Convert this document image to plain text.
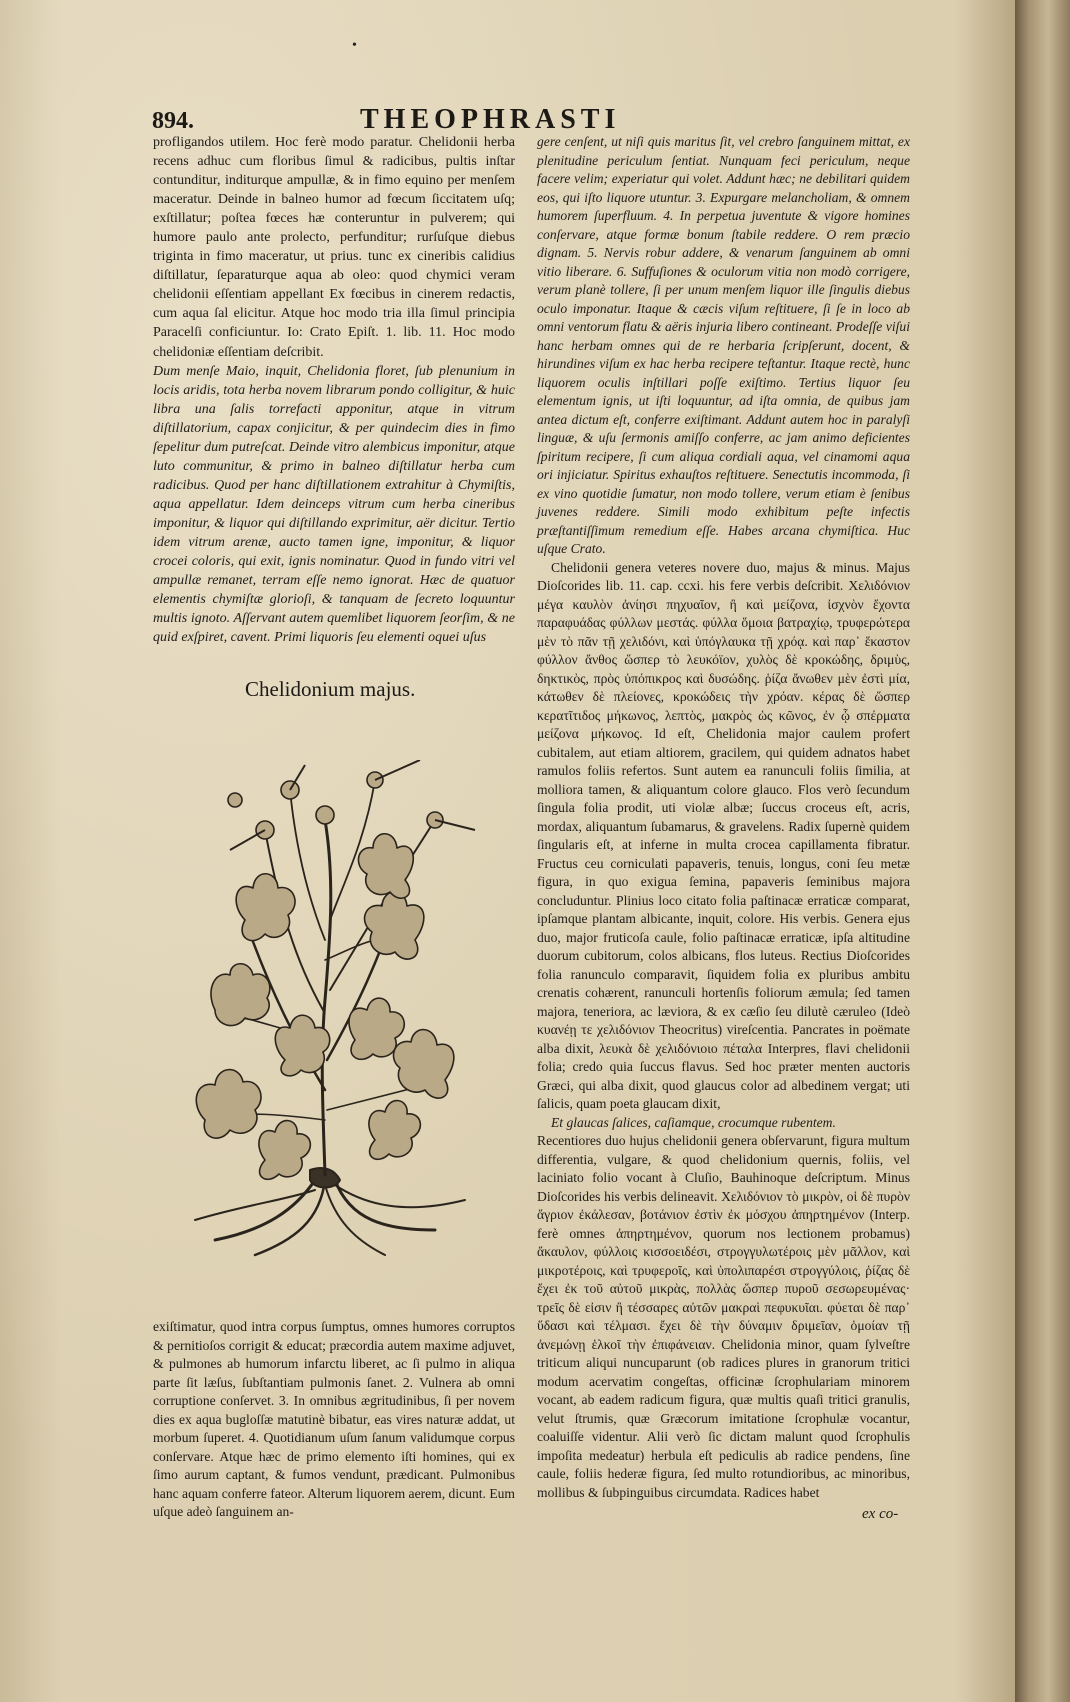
•
894.	THEOPHRASTI

profligandos utilem. Hoc ferè modo paratur. Chelidonii herba recens adhuc cum floribus ſimul & radicibus, pultis inſtar contunditur, inditurque ampullæ, & in fimo equino per menſem maceratur. Deinde in balneo humor ad fœcum ſiccitatem uſq; exſtillatur; poſtea fœces hæ conteruntur in pulverem; qui humore paulo ante prolecto, perfunditur; rurſuſque diebus triginta in fimo maceratur, ut prius. tunc ex cineribis calidius diſtillatur, ſeparaturque aqua ab oleo: quod chymici veram chelidonii eſſentiam appellant Ex fœcibus in cinerem redactis, cum aqua ſal elicitur. Atque hoc modo tria illa ſimul principia Paracelſi conficiuntur. Io: Crato Epiſt. 1. lib. 11. Hoc modo chelidoniæ eſſentiam deſcribit.

Dum menſe Maio, inquit, Chelidonia floret, ſub plenunium in locis aridis, tota herba novem librarum pondo colligitur, & huic libra una ſalis torrefacti apponitur, atque in vitrum diſtillatorium, capax conjicitur, & per quindecim dies in fimo ſepelitur dum putreſcat. Deinde vitro alembicus imponitur, atque luto communitur, & primo in balneo diſtillatur herba cum radicibus. Quod per hanc diſtillationem extrahitur à Chymiſtis, aqua appellatur. Idem deinceps vitrum cum herba cineribus imponitur, & liquor qui diſtillando exprimitur, aër dicitur. Tertio idem vitrum arenæ, aucto tamen igne, imponitur, & liquor crocei coloris, qui exit, ignis nominatur. Quod in fundo vitri vel ampullæ remanet, terram eſſe nemo ignorat. Hæc de quatuor elementis chymiſtæ glorioſi, & tanquam de ſecreto loquuntur multis ignoto. Aſſervant autem quemlibet liquorem ſeorſim, & ne quid exſpiret, cavent. Primi liquoris ſeu elementi oquei uſus

Chelidonium majus.

exiſtimatur, quod intra corpus ſumptus, omnes humores corruptos & pernitioſos corrigit & educat; præcordia autem maxime adjuvet, & pulmones ab humorum infarctu liberet, ac ſi pulmo in aliqua parte ſit læſus, ſubſtantiam pulmonis ſanet. 2. Vulnera ab omni corruptione conſervet. 3. In omnibus ægritudinibus, ſi per novem dies ex aqua bugloſſæ matutinè bibatur, eas vires naturæ addat, ut morbum ſuperet. 4. Quotidianum uſum ſanum validumque corpus conſervare. Atque hæc de primo elemento iſti homines, qui ex ſimo aurum captant, & fumos vendunt, prædicant. Pulmonibus hanc aquam conferre fateor. Alterum liquorem aerem, dicunt. Eum uſque adeò ſanguinem an-

gere cenſent, ut niſi quis maritus ſit, vel crebro ſanguinem mittat, ex plenitudine periculum ſentiat. Nunquam feci periculum, neque facere velim; experiatur qui volet. Addunt hæc; ne debilitari quidem eos, qui iſto liquore utuntur. 3. Expurgare melancholiam, & omnem humorem ſuperfluum. 4. In perpetua juventute & vigore homines conſervare, atque formæ bonum ſtabile reddere. O rem præcio dignam. 5. Nervis robur addere, & venarum ſanguinem ab omni vitio liberare. 6. Suffuſiones & oculorum vitia non modò corrigere, verum planè tollere, ſi per unum menſem liquor ille ſingulis diebus oculo imponatur. Itaque & cæcis viſum reſtituere, ſi ſe in loco ab omni ventorum flatu & aëris injuria libero contineant. Prodeſſe viſui hanc herbam omnes qui de re herbaria ſcripſerunt, docent, & hirundines viſum ex hac herba recipere teſtantur. Itaque rectè, hunc liquorem oculis inſtillari poſſe exiſtimo. Tertius liquor ſeu elementum ignis, ut iſti loquuntur, ad iſta omnia, de quibus jam antea dictum eſt, conferre exiſtimant. Addunt autem hoc in paralyſi linguæ, & uſu ſermonis amiſſo conferre, ac jam animo deficientes ſpiritum recipere, ſi cum aliqua cordiali aqua, vel cinamomi aqua ori injiciatur. Spiritus exhauſtos reſtituere. Senectutis incommoda, ſi ex vino quotidie ſumatur, non modo tollere, verum etiam è ſenibus juvenes reddere. Simili modo exhibitum peſte infectis præſtantiſſimum remedium eſſe. Habes arcana chymiſtica. Huc uſque Crato.

Chelidonii genera veteres novere duo, majus & minus. Majus Dioſcorides lib. 11. cap. ccxi. his fere verbis deſcribit. Χελιδόνιον μέγα καυλὸν ἀνίησι πηχυαῖον, ἢ καὶ μείζονα, ἰσχνὸν ἔχοντα παραφυάδας φύλλων μεστάς. φύλλα ὅμοια βατραχίῳ, τρυφερώτερα μὲν τὸ πᾶν τῇ χελιδόνι, καὶ ὑπόγλαυκα τῇ χρόᾳ. καὶ παρ᾽ ἕκαστον φύλλον ἄνθος ὥσπερ τὸ λευκόϊον, χυλὸς δὲ κροκώδης, δριμὺς, δηκτικὸς, πρὸς ὑπόπικρος καὶ δυσώδης. ῥίζα ἄνωθεν μὲν ἐστὶ μία, κάτωθεν δὲ πλείονες, κροκώδεις τὴν χρόαν. κέρας δὲ ὥσπερ κερατῖτιδος μήκωνος, λεπτὸς, μακρὸς ὡς κῶνος, ἐν ᾧ σπέρματα μείζονα μήκωνος. Id eſt, Chelidonia major caulem profert cubitalem, aut etiam altiorem, gracilem, qui quidem adnatos habet ramulos foliis refertos. Sunt autem ea ranunculi foliis ſimilia, at molliora tamen, & aliquantum colore glauco. Flos verò ſecundum ſingula folia prodit, uti violæ albæ; ſuccus croceus eſt, acris, mordax, aliquantum ſubamarus, & gravelens. Radix ſupernè quidem ſingularis eſt, at inferne in multa crocea capillamenta fibratur. Fructus ceu corniculati papaveris, tenuis, longus, coni ſeu metæ figura, in quo exigua ſemina, papaveris ſeminibus majora concluduntur. Plinius loco citato folia paſtinacæ erraticæ comparat, ipſamque plantam albicante, inquit, colore. His verbis. Genera ejus duo, major fruticoſa caule, folio paſtinacæ erraticæ, ipſa altitudine duorum cubitorum, colos albicans, flos luteus. Rectius Dioſcorides folia ranunculo comparavit, ſiquidem folia ex pluribus ambitu crenatis cohærent, ranunculi hortenſis foliorum æmula; ſed tamen majora, teneriora, ac læviora, & ex cæſio ſeu dilutè cæruleo (Ideò κυανέῃ τε χελιδόνιον Theocritus) vireſcentia. Pancrates in poëmate alba dixit, λευκὰ δὲ χελιδόνιοιο πέταλα Interpres, flavi chelidonii folia; credo quia ſuccus flavus. Sed hoc præter menten auctoris Græci, qui alba dixit, quod glaucus color ad albedinem vergat; uti ſalicis, quam poeta glaucam dixit,

Et glaucas ſalices, caſiamque, crocumque rubentem.

Recentiores duo hujus chelidonii genera obſervarunt, figura multum differentia, vulgare, & quod chelidonium quernis, foliis, vel laciniato folio vocant à Cluſio, Bauhinoque deſcriptum. Minus Dioſcorides his verbis delineavit. Χελιδόνιον τὸ μικρὸν, οἱ δὲ πυρὸν ἄγριον ἐκάλεσαν, βοτάνιον ἐστὶν ἐκ μόσχου ἀπηρτημένον (Interp. ferè omnes ἀπηρτημένον, quorum nos lectionem probamus) ἄκαυλον, φύλλοις κισσοειδέσι, στρογγυλωτέροις μὲν μᾶλλον, καὶ μικροτέροις, καὶ τρυφεροῖς, καὶ ὑπολιπαρέσι στρογγύλοις, ῥίζας δὲ ἔχει ἐκ τοῦ αὐτοῦ μικρὰς, πολλὰς ὥσπερ πυροῦ σεσωρευμένας· τρεῖς δὲ εἰσιν ἢ τέσσαρες αὐτῶν μακραὶ πεφυκυῖαι. φύεται δὲ παρ᾽ ὕδασι καὶ τέλμασι. ἔχει δὲ τὴν δύναμιν δριμεῖαν, ὁμοίαν τῇ ἀνεμώνῃ ἑλκοῖ τὴν ἐπιφάνειαν. Chelidonia minor, quam ſylveſtre triticum aliqui nuncuparunt (ob radices plures in granorum tritici modum acervatim congeſtas, officinæ ſcrophulariam minorem vocant, ab eadem radicum figura, quæ multis quaſi tritici granulis, velut ſtrumis, quæ Græcorum imitatione ſcrophulæ vocantur, coaluiſſe videntur. Alii verò ſic dictam malunt quod ſcrophulis impoſita medeatur) herbula eſt pediculis ab radice pendens, ſine caule, foliis hederæ figura, ſed multo rotundioribus, ac minoribus, mollibus & ſubpinguibus circumdata. Radices habet

ex co-
